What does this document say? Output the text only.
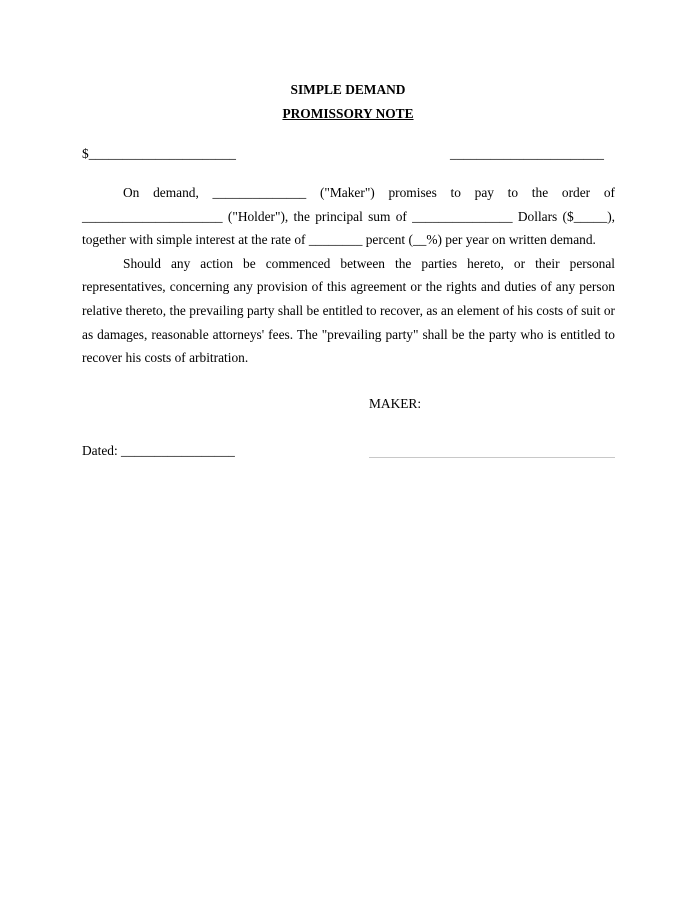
SIMPLE DEMAND
PROMISSORY NOTE
$______________________	_______________________

On demand, ______________ ("Maker") promises to pay to the order of _____________________ ("Holder"), the principal sum of _______________ Dollars ($_____), together with simple interest at the rate of ________ percent (__%) per year on written demand.

Should any action be commenced between the parties hereto, or their personal representatives, concerning any provision of this agreement or the rights and duties of any person relative thereto, the prevailing party shall be entitled to recover, as an element of his costs of suit or as damages, reasonable attorneys' fees. The "prevailing party" shall be the party who is entitled to recover his costs of arbitration.

MAKER:
Dated: _________________
